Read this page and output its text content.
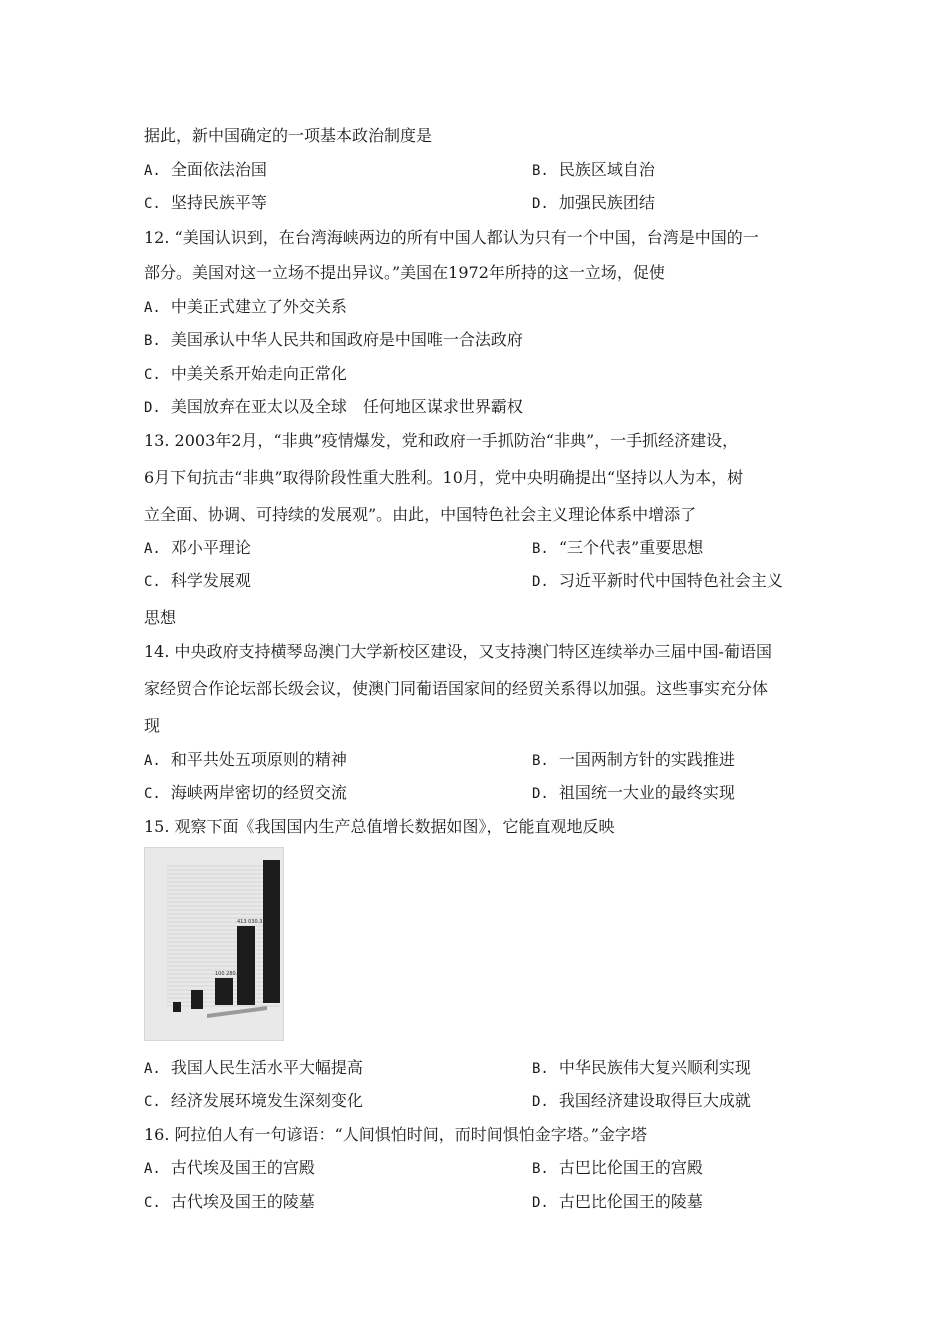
据此，新中国确定的一项基本政治制度是
A. 全面依法治国	B. 民族区域自治
C. 坚持民族平等	D. 加强民族团结
12. “美国认识到，在台湾海峡两边的所有中国人都认为只有一个中国，台湾是中国的一
部分。美国对这一立场不提出异议。”美国在1972年所持的这一立场，促使
A. 中美正式建立了外交关系
B. 美国承认中华人民共和国政府是中国唯一合法政府
C. 中美关系开始走向正常化
D. 美国放弃在亚太以及全球　任何地区谋求世界霸权
13. 2003年2月，“非典”疫情爆发，党和政府一手抓防治“非典”，一手抓经济建设，
6月下旬抗击“非典”取得阶段性重大胜利。10月，党中央明确提出“坚持以人为本，树
立全面、协调、可持续的发展观”。由此，中国特色社会主义理论体系中增添了
A. 邓小平理论	B. “三个代表”重要思想
C. 科学发展观	D. 习近平新时代中国特色社会主义
思想
14. 中央政府支持横琴岛澳门大学新校区建设，又支持澳门特区连续举办三届中国-葡语国
家经贸合作论坛部长级会议，使澳门同葡语国家间的经贸关系得以加强。这些事实充分体
现
A. 和平共处五项原则的精神	B. 一国两制方针的实践推进
C. 海峡两岸密切的经贸交流	D. 祖国统一大业的最终实现
15. 观察下面《我国国内生产总值增长数据如图》，它能直观地反映
100 280.1
413 030.3
A. 我国人民生活水平大幅提高	B. 中华民族伟大复兴顺利实现
C. 经济发展环境发生深刻变化	D. 我国经济建设取得巨大成就
16. 阿拉伯人有一句谚语：“人间惧怕时间，而时间惧怕金字塔。”金字塔
A. 古代埃及国王的宫殿	B. 古巴比伦国王的宫殿
C. 古代埃及国王的陵墓	D. 古巴比伦国王的陵墓
